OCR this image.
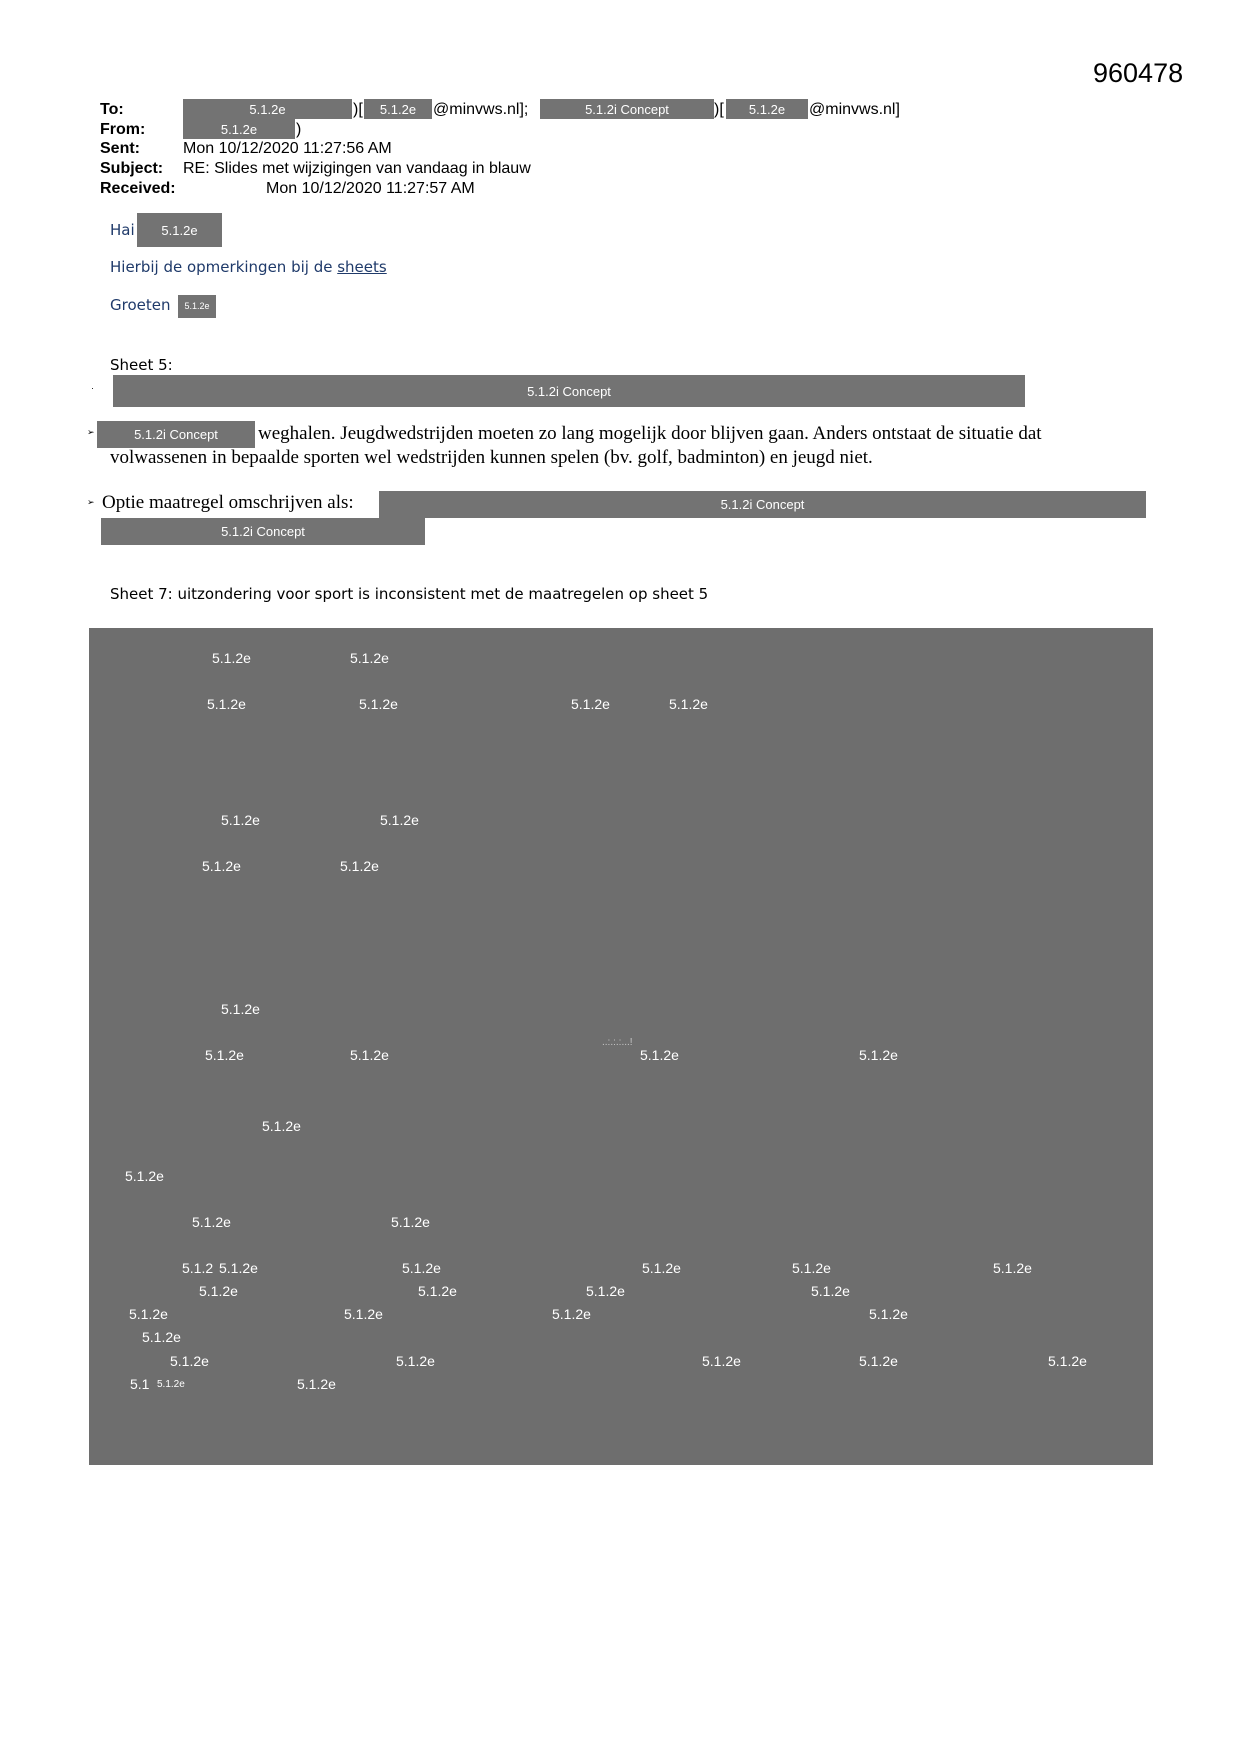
960478
To:	5.1.2e	)[	5.1.2e	@minvws.nl];	5.1.2i Concept	)[	5.1.2e	@minvws.nl]
From:	5.1.2e	)
Sent:	Mon 10/12/2020 11:27:56 AM
Subject: RE: Slides met wijzigingen van vandaag in blauw
Received:	Mon 10/12/2020 11:27:57 AM
Hai	5.1.2e
Hierbij de opmerkingen bij de sheets
Groeten	5.1.2e
Sheet 5:
·	5.1.2i Concept
➢	5.1.2i Concept	weghalen. Jeugdwedstrijden moeten zo lang mogelijk door blijven gaan. Anders ontstaat de situatie dat
volwassenen in bepaalde sporten wel wedstrijden kunnen spelen (bv. golf, badminton) en jeugd niet.
➢ Optie maatregel omschrijven als:	5.1.2i Concept
5.1.2i Concept
Sheet 7: uitzondering voor sport is inconsistent met de maatregelen op sheet 5
5.1.2e	5.1.2e
5.1.2e	5.1.2e	5.1.2e	5.1.2e
5.1.2e	5.1.2e
5.1.2e	5.1.2e
5.1.2e
..:.:.:...!
5.1.2e	5.1.2e	5.1.2e	5.1.2e
5.1.2e
5.1.2e
5.1.2e	5.1.2e
5.1.2 5.1.2e	5.1.2e	5.1.2e	5.1.2e	5.1.2e
5.1.2e	5.1.2e	5.1.2e	5.1.2e
5.1.2e	5.1.2e	5.1.2e	5.1.2e
5.1.2e
5.1.2e	5.1.2e	5.1.2e	5.1.2e	5.1.2e
5.1 5.1.2e	5.1.2e
